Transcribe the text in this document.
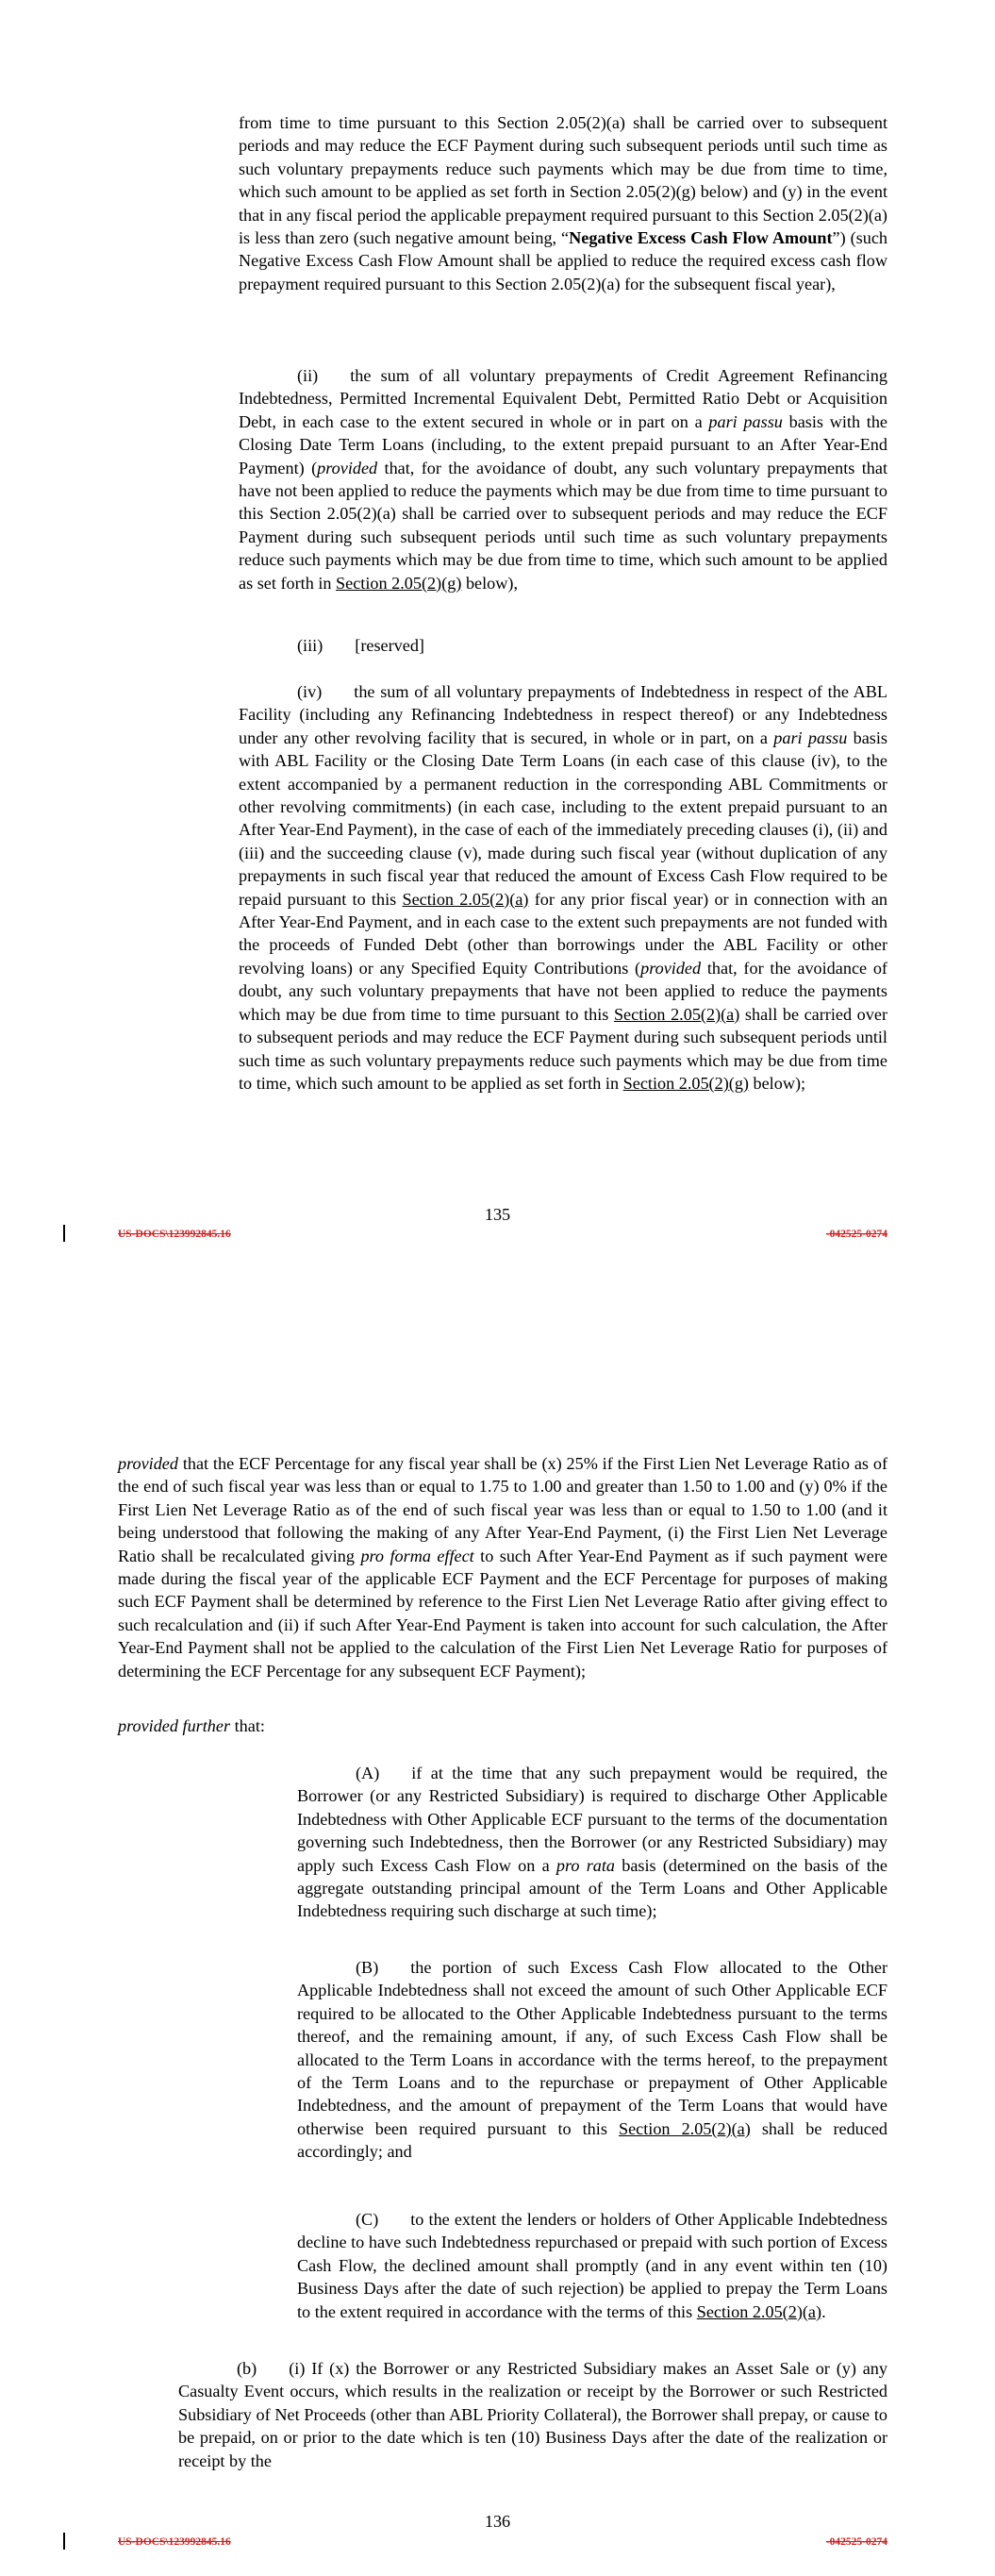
from time to time pursuant to this Section 2.05(2)(a) shall be carried over to subsequent periods and may reduce the ECF Payment during such subsequent periods until such time as such voluntary prepayments reduce such payments which may be due from time to time, which such amount to be applied as set forth in Section 2.05(2)(g) below) and (y) in the event that in any fiscal period the applicable prepayment required pursuant to this Section 2.05(2)(a) is less than zero (such negative amount being, “Negative Excess Cash Flow Amount”) (such Negative Excess Cash Flow Amount shall be applied to reduce the required excess cash flow prepayment required pursuant to this Section 2.05(2)(a) for the subsequent fiscal year),

(ii) the sum of all voluntary prepayments of Credit Agreement Refinancing Indebtedness, Permitted Incremental Equivalent Debt, Permitted Ratio Debt or Acquisition Debt, in each case to the extent secured in whole or in part on a pari passu basis with the Closing Date Term Loans (including, to the extent prepaid pursuant to an After Year-End Payment) (provided that, for the avoidance of doubt, any such voluntary prepayments that have not been applied to reduce the payments which may be due from time to time pursuant to this Section 2.05(2)(a) shall be carried over to subsequent periods and may reduce the ECF Payment during such subsequent periods until such time as such voluntary prepayments reduce such payments which may be due from time to time, which such amount to be applied as set forth in Section 2.05(2)(g) below),

(iii) [reserved]

(iv) the sum of all voluntary prepayments of Indebtedness in respect of the ABL Facility (including any Refinancing Indebtedness in respect thereof) or any Indebtedness under any other revolving facility that is secured, in whole or in part, on a pari passu basis with ABL Facility or the Closing Date Term Loans (in each case of this clause (iv), to the extent accompanied by a permanent reduction in the corresponding ABL Commitments or other revolving commitments) (in each case, including to the extent prepaid pursuant to an After Year-End Payment), in the case of each of the immediately preceding clauses (i), (ii) and (iii) and the succeeding clause (v), made during such fiscal year (without duplication of any prepayments in such fiscal year that reduced the amount of Excess Cash Flow required to be repaid pursuant to this Section 2.05(2)(a) for any prior fiscal year) or in connection with an After Year-End Payment, and in each case to the extent such prepayments are not funded with the proceeds of Funded Debt (other than borrowings under the ABL Facility or other revolving loans) or any Specified Equity Contributions (provided that, for the avoidance of doubt, any such voluntary prepayments that have not been applied to reduce the payments which may be due from time to time pursuant to this Section 2.05(2)(a) shall be carried over to subsequent periods and may reduce the ECF Payment during such subsequent periods until such time as such voluntary prepayments reduce such payments which may be due from time to time, which such amount to be applied as set forth in Section 2.05(2)(g) below);

135
US-DOCS\123992845.16	-042525-0274

provided that the ECF Percentage for any fiscal year shall be (x) 25% if the First Lien Net Leverage Ratio as of the end of such fiscal year was less than or equal to 1.75 to 1.00 and greater than 1.50 to 1.00 and (y) 0% if the First Lien Net Leverage Ratio as of the end of such fiscal year was less than or equal to 1.50 to 1.00 (and it being understood that following the making of any After Year-End Payment, (i) the First Lien Net Leverage Ratio shall be recalculated giving pro forma effect to such After Year-End Payment as if such payment were made during the fiscal year of the applicable ECF Payment and the ECF Percentage for purposes of making such ECF Payment shall be determined by reference to the First Lien Net Leverage Ratio after giving effect to such recalculation and (ii) if such After Year-End Payment is taken into account for such calculation, the After Year-End Payment shall not be applied to the calculation of the First Lien Net Leverage Ratio for purposes of determining the ECF Percentage for any subsequent ECF Payment);

provided further that:

(A) if at the time that any such prepayment would be required, the Borrower (or any Restricted Subsidiary) is required to discharge Other Applicable Indebtedness with Other Applicable ECF pursuant to the terms of the documentation governing such Indebtedness, then the Borrower (or any Restricted Subsidiary) may apply such Excess Cash Flow on a pro rata basis (determined on the basis of the aggregate outstanding principal amount of the Term Loans and Other Applicable Indebtedness requiring such discharge at such time);

(B) the portion of such Excess Cash Flow allocated to the Other Applicable Indebtedness shall not exceed the amount of such Other Applicable ECF required to be allocated to the Other Applicable Indebtedness pursuant to the terms thereof, and the remaining amount, if any, of such Excess Cash Flow shall be allocated to the Term Loans in accordance with the terms hereof, to the prepayment of the Term Loans and to the repurchase or prepayment of Other Applicable Indebtedness, and the amount of prepayment of the Term Loans that would have otherwise been required pursuant to this Section 2.05(2)(a) shall be reduced accordingly; and

(C) to the extent the lenders or holders of Other Applicable Indebtedness decline to have such Indebtedness repurchased or prepaid with such portion of Excess Cash Flow, the declined amount shall promptly (and in any event within ten (10) Business Days after the date of such rejection) be applied to prepay the Term Loans to the extent required in accordance with the terms of this Section 2.05(2)(a).

(b) (i) If (x) the Borrower or any Restricted Subsidiary makes an Asset Sale or (y) any Casualty Event occurs, which results in the realization or receipt by the Borrower or such Restricted Subsidiary of Net Proceeds (other than ABL Priority Collateral), the Borrower shall prepay, or cause to be prepaid, on or prior to the date which is ten (10) Business Days after the date of the realization or receipt by the

136
US-DOCS\123992845.16	-042525-0274
